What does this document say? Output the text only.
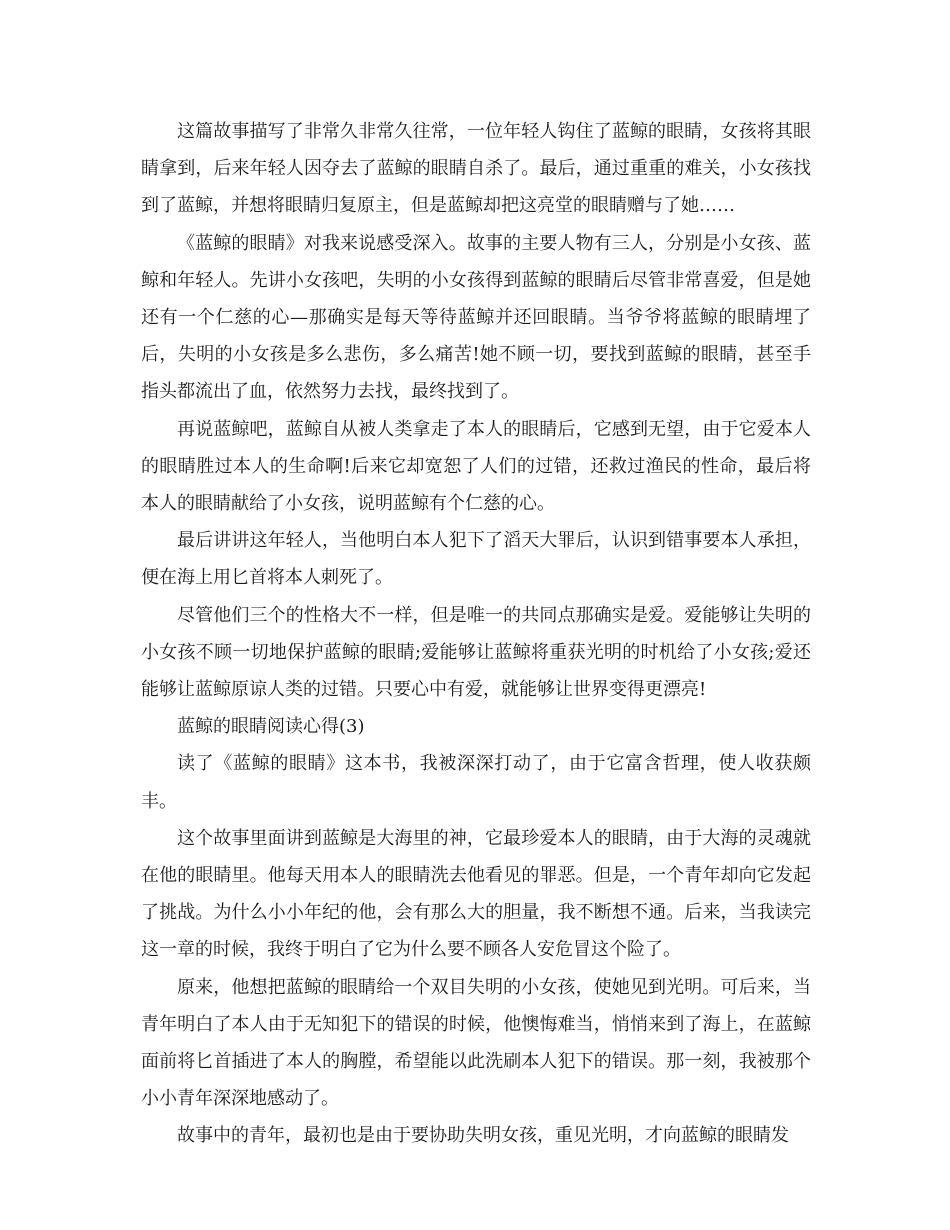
这篇故事描写了非常久非常久往常，一位年轻人钩住了蓝鲸的眼睛，女孩将其眼睛拿到，后来年轻人因夺去了蓝鲸的眼睛自杀了。最后，通过重重的难关，小女孩找到了蓝鲸，并想将眼睛归复原主，但是蓝鲸却把这亮堂的眼睛赠与了她……

《蓝鲸的眼睛》对我来说感受深入。故事的主要人物有三人，分别是小女孩、蓝鲸和年轻人。先讲小女孩吧，失明的小女孩得到蓝鲸的眼睛后尽管非常喜爱，但是她还有一个仁慈的心—那确实是每天等待蓝鲸并还回眼睛。当爷爷将蓝鲸的眼睛埋了后，失明的小女孩是多么悲伤，多么痛苦!她不顾一切，要找到蓝鲸的眼睛，甚至手指头都流出了血，依然努力去找，最终找到了。

再说蓝鲸吧，蓝鲸自从被人类拿走了本人的眼睛后，它感到无望，由于它爱本人的眼睛胜过本人的生命啊!后来它却宽恕了人们的过错，还救过渔民的性命，最后将本人的眼睛献给了小女孩，说明蓝鲸有个仁慈的心。

最后讲讲这年轻人，当他明白本人犯下了滔天大罪后，认识到错事要本人承担，便在海上用匕首将本人刺死了。

尽管他们三个的性格大不一样，但是唯一的共同点那确实是爱。爱能够让失明的小女孩不顾一切地保护蓝鲸的眼睛;爱能够让蓝鲸将重获光明的时机给了小女孩;爱还能够让蓝鲸原谅人类的过错。只要心中有爱，就能够让世界变得更漂亮!

蓝鲸的眼睛阅读心得(3)

读了《蓝鲸的眼睛》这本书，我被深深打动了，由于它富含哲理，使人收获颇丰。

这个故事里面讲到蓝鲸是大海里的神，它最珍爱本人的眼睛，由于大海的灵魂就在他的眼睛里。他每天用本人的眼睛洗去他看见的罪恶。但是，一个青年却向它发起了挑战。为什么小小年纪的他，会有那么大的胆量，我不断想不通。后来，当我读完这一章的时候，我终于明白了它为什么要不顾各人安危冒这个险了。

原来，他想把蓝鲸的眼睛给一个双目失明的小女孩，使她见到光明。可后来，当青年明白了本人由于无知犯下的错误的时候，他懊悔难当，悄悄来到了海上，在蓝鲸面前将匕首插进了本人的胸膛，希望能以此洗刷本人犯下的错误。那一刻，我被那个小小青年深深地感动了。

故事中的青年，最初也是由于要协助失明女孩，重见光明，才向蓝鲸的眼睛发
